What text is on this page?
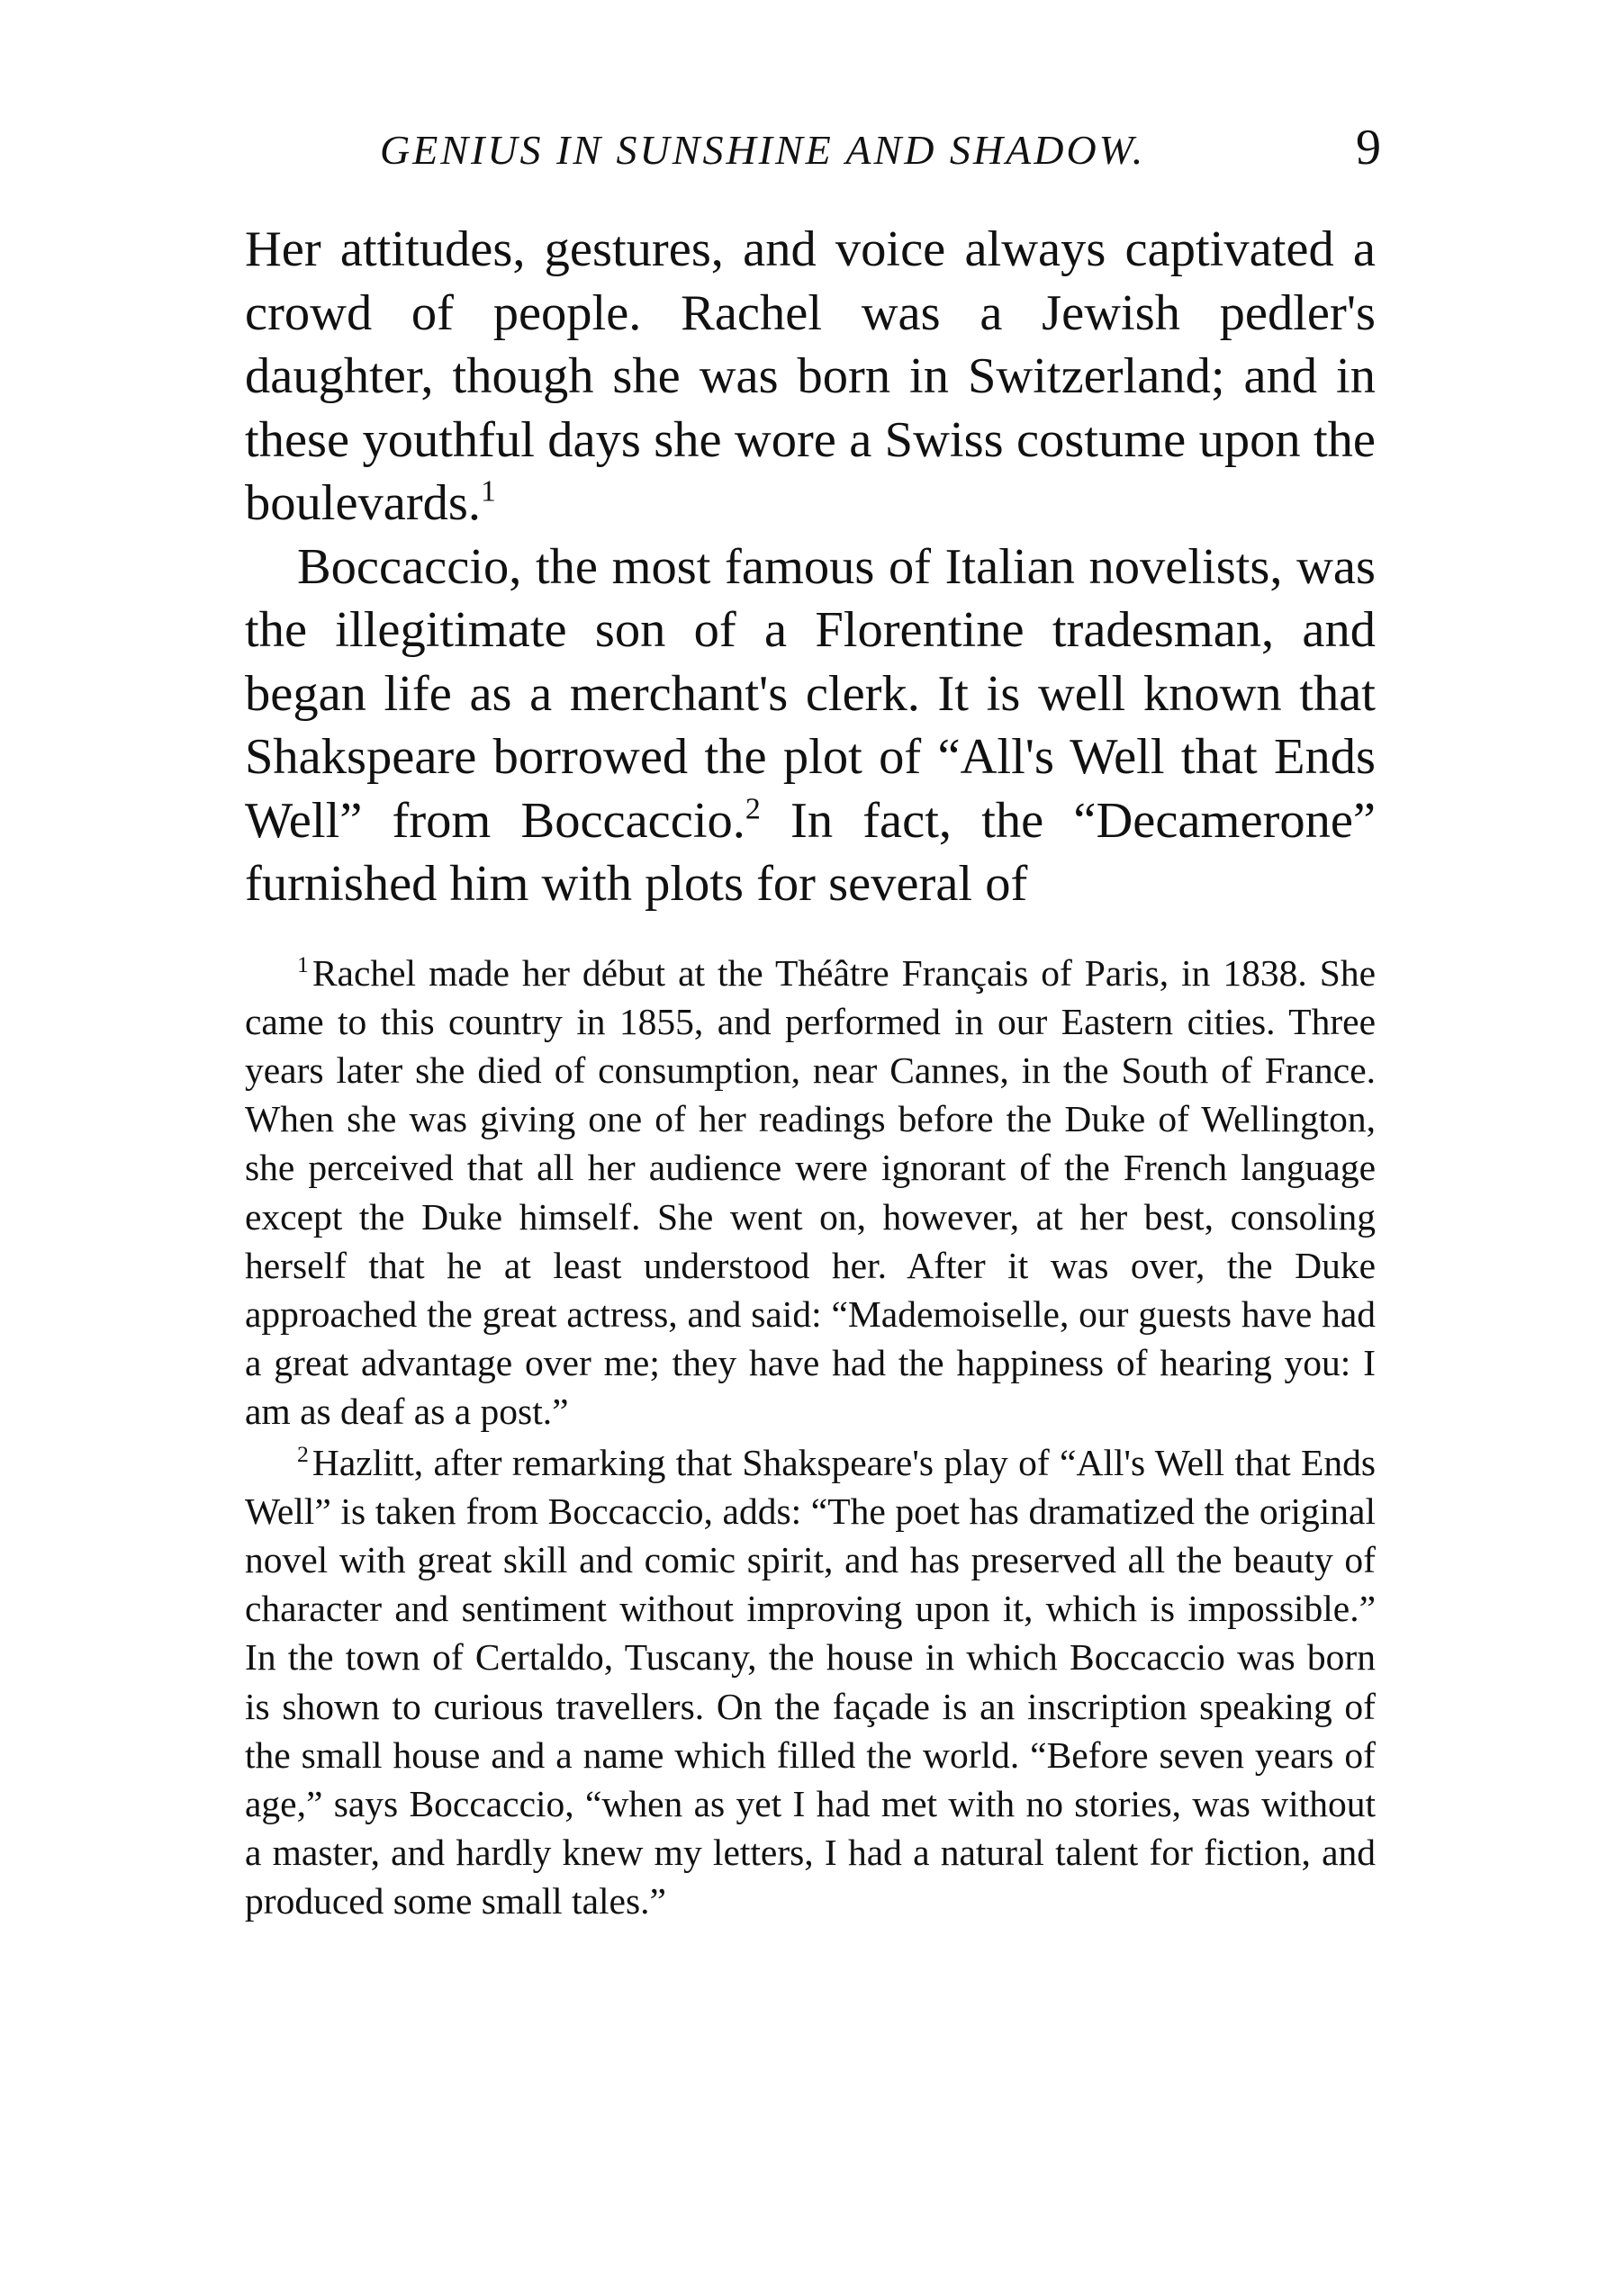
GENIUS IN SUNSHINE AND SHADOW.	9

Her attitudes, gestures, and voice always captivated a crowd of people. Rachel was a Jewish pedler's daughter, though she was born in Switzerland; and in these youthful days she wore a Swiss costume upon the boulevards.$^1$

Boccaccio, the most famous of Italian novelists, was the illegitimate son of a Florentine tradesman, and began life as a merchant's clerk. It is well known that Shakspeare borrowed the plot of “All's Well that Ends Well” from Boccaccio.$^2$ In fact, the “Decamerone” furnished him with plots for several of

$^1$Rachel made her début at the Théâtre Français of Paris, in 1838. She came to this country in 1855, and performed in our Eastern cities. Three years later she died of consumption, near Cannes, in the South of France. When she was giving one of her readings before the Duke of Wellington, she perceived that all her audience were ignorant of the French language except the Duke himself. She went on, however, at her best, consoling herself that he at least understood her. After it was over, the Duke approached the great actress, and said: “Mademoiselle, our guests have had a great advantage over me; they have had the happiness of hearing you: I am as deaf as a post.”

$^2$Hazlitt, after remarking that Shakspeare's play of “All's Well that Ends Well” is taken from Boccaccio, adds: “The poet has dramatized the original novel with great skill and comic spirit, and has preserved all the beauty of character and sentiment without improving upon it, which is impossible.” In the town of Certaldo, Tuscany, the house in which Boccaccio was born is shown to curious travellers. On the façade is an inscription speaking of the small house and a name which filled the world. “Before seven years of age,” says Boccaccio, “when as yet I had met with no stories, was without a master, and hardly knew my letters, I had a natural talent for fiction, and produced some small tales.”
